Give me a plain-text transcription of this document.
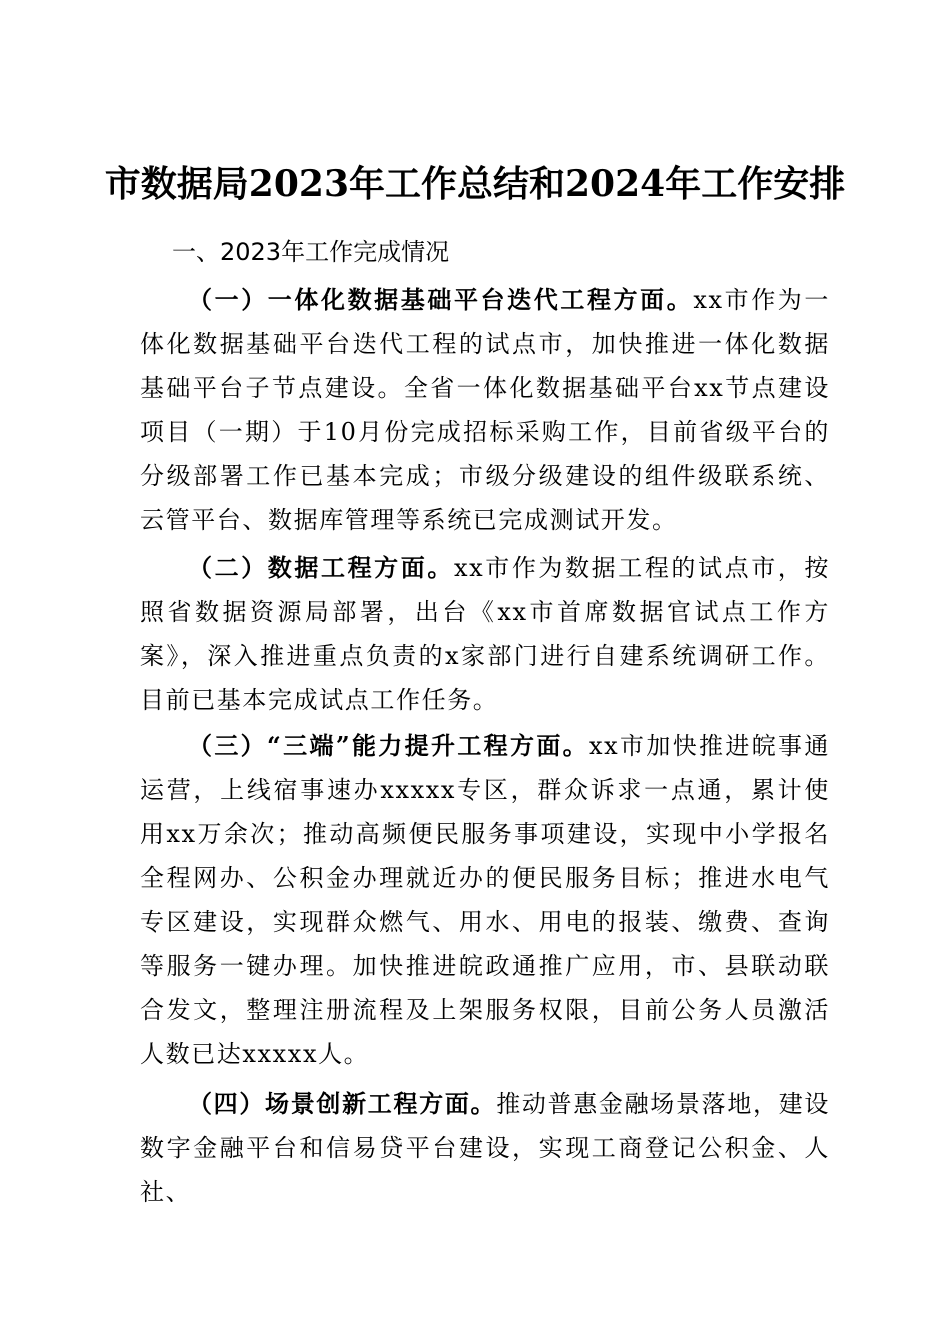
市数据局2023年工作总结和2024年工作安排
一、2023年工作完成情况

（一）一体化数据基础平台迭代工程方面。xx市作为一体化数据基础平台迭代工程的试点市，加快推进一体化数据基础平台子节点建设。全省一体化数据基础平台xx节点建设项目（一期）于10月份完成招标采购工作，目前省级平台的分级部署工作已基本完成；市级分级建设的组件级联系统、云管平台、数据库管理等系统已完成测试开发。

（二）数据工程方面。xx市作为数据工程的试点市，按照省数据资源局部署，出台《xx市首席数据官试点工作方案》，深入推进重点负责的x家部门进行自建系统调研工作。目前已基本完成试点工作任务。

（三）“三端”能力提升工程方面。xx市加快推进皖事通运营，上线宿事速办xxxxx专区，群众诉求一点通，累计使用xx万余次；推动高频便民服务事项建设，实现中小学报名全程网办、公积金办理就近办的便民服务目标；推进水电气专区建设，实现群众燃气、用水、用电的报装、缴费、查询等服务一键办理。加快推进皖政通推广应用，市、县联动联合发文，整理注册流程及上架服务权限，目前公务人员激活人数已达xxxxx人。

（四）场景创新工程方面。推动普惠金融场景落地，建设数字金融平台和信易贷平台建设，实现工商登记公积金、人社、
